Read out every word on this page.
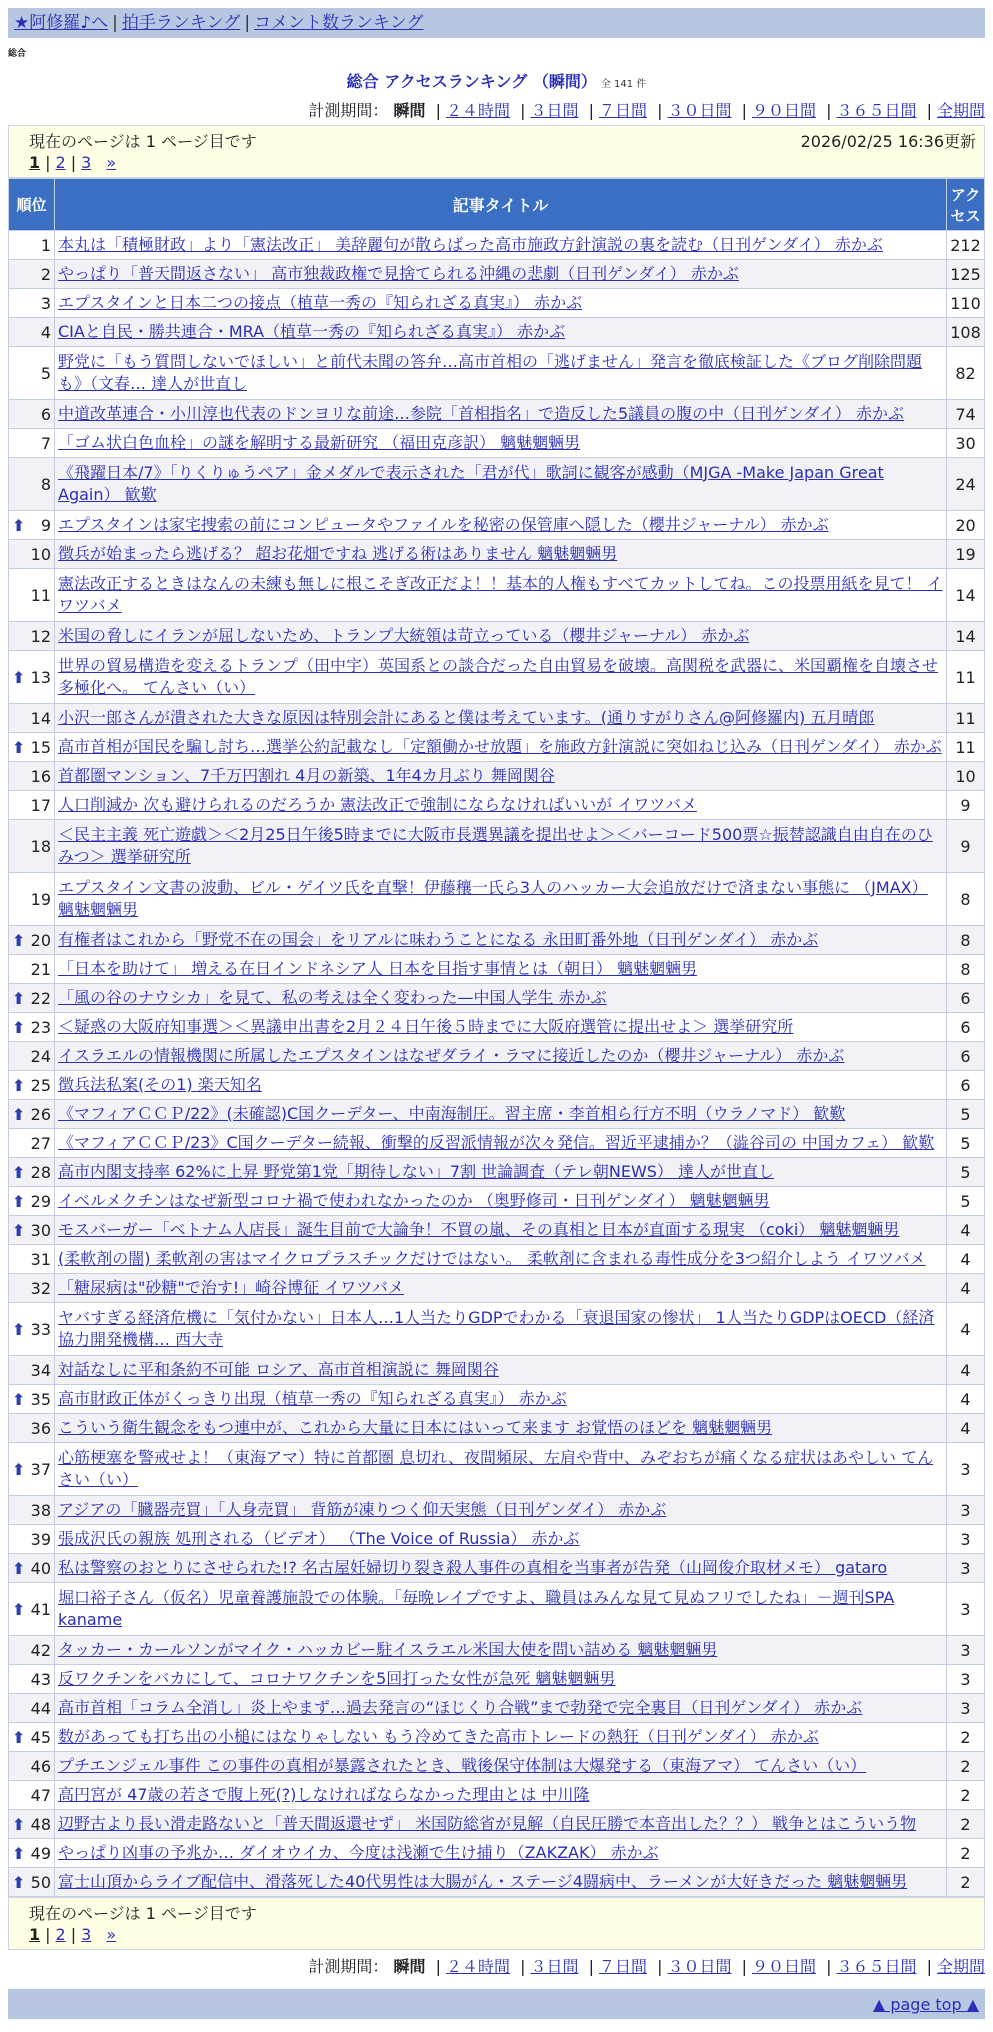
★阿修羅♪へ | 拍手ランキング | コメント数ランキング
総合
総合 アクセスランキング （瞬間） 全 141 件
計測期間： 瞬間 | ２４時間 | ３日間 | ７日間 | ３０日間 | ９０日間 | ３６５日間 | 全期間
現在のページは 1 ページ目です	2026/02/25 16:36更新
1 | 2 | 3 »
順位	記事タイトル	アクセス
1	本丸は「積極財政」より「憲法改正」 美辞麗句が散らばった高市施政方針演説の裏を読む（日刊ゲンダイ） 赤かぶ	212
2	やっぱり「普天間返さない」 高市独裁政権で見捨てられる沖縄の悲劇（日刊ゲンダイ） 赤かぶ	125
3	エプスタインと日本二つの接点（植草一秀の『知られざる真実』） 赤かぶ	110
4	CIAと自民・勝共連合・MRA（植草一秀の『知られざる真実』） 赤かぶ	108
5	野党に「もう質問しないでほしい」と前代未聞の答弁…高市首相の「逃げません」発言を徹底検証した《ブログ削除問題も》（文春… 達人が世直し	82
6	中道改革連合・小川淳也代表のドンヨリな前途…参院「首相指名」で造反した5議員の腹の中（日刊ゲンダイ） 赤かぶ	74
7	「ゴム状白色血栓」の謎を解明する最新研究 （福田克彦訳） 魑魅魍魎男	30
8	《飛躍日本/7》「りくりゅうペア」金メダルで表示された「君が代」歌詞に観客が感動（MJGA -Make Japan Great Again） 歓歎	24

⬆ 9	エプスタインは家宅捜索の前にコンピュータやファイルを秘密の保管庫へ隠した（櫻井ジャーナル） 赤かぶ	20
10	徴兵が始まったら逃げる？ 超お花畑ですね 逃げる術はありません 魑魅魍魎男	19
11	憲法改正するときはなんの未練も無しに根こそぎ改正だよ！！基本的人権もすべてカットしてね。この投票用紙を見て！ イワツバメ	14
12	米国の脅しにイランが屈しないため、トランプ大統領は苛立っている（櫻井ジャーナル） 赤かぶ	14

⬆ 13	世界の貿易構造を変えるトランプ（田中宇）英国系との談合だった自由貿易を破壊。高関税を武器に、米国覇権を自壊させ多極化へ。 てんさい（い）	11
14	小沢一郎さんが潰された大きな原因は特別会計にあると僕は考えています。(通りすがりさん@阿修羅内) 五月晴郎	11

⬆ 15	高市首相が国民を騙し討ち…選挙公約記載なし「定額働かせ放題」を施政方針演説に突如ねじ込み（日刊ゲンダイ） 赤かぶ	11
16	首都圏マンション、7千万円割れ 4月の新築、1年4カ月ぶり 舞岡関谷	10
17	人口削減か 次も避けられるのだろうか 憲法改正で強制にならなければいいが イワツバメ	9
18	＜民主主義 死亡遊戯＞＜2月25日午後5時までに大阪市長選異議を提出せよ＞＜バーコード500票☆振替認識自由自在のひみつ＞ 選挙研究所	9
19	エプスタイン文書の波動、ビル・ゲイツ氏を直撃！伊藤穰一氏ら3人のハッカー大会追放だけで済まない事態に （JMAX） 魑魅魍魎男	8

⬆ 20	有権者はこれから「野党不在の国会」をリアルに味わうことになる 永田町番外地（日刊ゲンダイ） 赤かぶ	8
21	「日本を助けて」 増える在日インドネシア人 日本を目指す事情とは（朝日） 魑魅魍魎男	8

⬆ 22	「風の谷のナウシカ」を見て、私の考えは全く変わった—中国人学生 赤かぶ	6

⬆ 23	＜疑惑の大阪府知事選＞＜異議申出書を2月２４日午後５時までに大阪府選管に提出せよ＞ 選挙研究所	6
24	イスラエルの情報機関に所属したエプスタインはなぜダライ・ラマに接近したのか（櫻井ジャーナル） 赤かぶ	6

⬆ 25	徴兵法私案(その1) 楽天知名	6

⬆ 26	《マフィアＣＣＰ/22》(未確認)C国クーデター、中南海制圧。習主席・李首相ら行方不明（ウラノマド） 歓歎	5
27	《マフィアＣＣＰ/23》C国クーデター続報、衝撃的反習派情報が次々発信。習近平逮捕か？（澁谷司の 中国カフェ） 歓歎	5

⬆ 28	高市内閣支持率 62%に上昇 野党第1党「期待しない」7割 世論調査（テレ朝NEWS） 達人が世直し	5

⬆ 29	イベルメクチンはなぜ新型コロナ禍で使われなかったのか （奥野修司・日刊ゲンダイ） 魑魅魍魎男	5

⬆ 30	モスバーガー「ベトナム人店長」誕生目前で大論争！不買の嵐、その真相と日本が直面する現実 （coki） 魑魅魍魎男	4
31	(柔軟剤の闇) 柔軟剤の害はマイクロプラスチックだけではない。 柔軟剤に含まれる毒性成分を3つ紹介しよう イワツバメ	4
32	「糖尿病は"砂糖"で治す!」崎谷博征 イワツバメ	4

⬆ 33	ヤバすぎる経済危機に「気付かない」日本人…1人当たりGDPでわかる「衰退国家の惨状」 1人当たりGDPはOECD（経済協力開発機構… 西大寺	4
34	対話なしに平和条約不可能 ロシア、高市首相演説に 舞岡関谷	4

⬆ 35	高市財政正体がくっきり出現（植草一秀の『知られざる真実』） 赤かぶ	4
36	こういう衛生観念をもつ連中が、これから大量に日本にはいって来ます お覚悟のほどを 魑魅魍魎男	4

⬆ 37	心筋梗塞を警戒せよ！（東海アマ）特に首都圏 息切れ、夜間頻尿、左肩や背中、みぞおちが痛くなる症状はあやしい てんさい（い）	3
38	アジアの「臓器売買」「人身売買」 背筋が凍りつく仰天実態（日刊ゲンダイ） 赤かぶ	3
39	張成沢氏の親族 処刑される（ビデオ） （The Voice of Russia） 赤かぶ	3

⬆ 40	私は警察のおとりにさせられた!? 名古屋妊婦切り裂き殺人事件の真相を当事者が告発（山岡俊介取材メモ） gataro	3

⬆ 41	堀口裕子さん（仮名）児童養護施設での体験。「毎晩レイプですよ、職員はみんな見て見ぬフリでしたね」－週刊SPA kaname	3
42	タッカー・カールソンがマイク・ハッカビー駐イスラエル米国大使を問い詰める 魑魅魍魎男	3
43	反ワクチンをバカにして、コロナワクチンを5回打った女性が急死 魑魅魍魎男	3
44	高市首相「コラム全消し」炎上やまず…過去発言の“ほじくり合戦”まで勃発で完全裏目（日刊ゲンダイ） 赤かぶ	3

⬆ 45	数があっても打ち出の小槌にはなりゃしない もう冷めてきた高市トレードの熱狂（日刊ゲンダイ） 赤かぶ	2
46	プチエンジェル事件 この事件の真相が暴露されたとき、戦後保守体制は大爆発する（東海アマ） てんさい（い）	2
47	高円宮が 47歳の若さで腹上死(?)しなければならなかった理由とは 中川隆	2

⬆ 48	辺野古より長い滑走路ないと「普天間返還せず」 米国防総省が見解（自民圧勝で本音出した？？） 戦争とはこういう物	2

⬆ 49	やっぱり凶事の予兆か… ダイオウイカ、今度は浅瀬で生け捕り（ZAKZAK） 赤かぶ	2

⬆ 50	富士山頂からライブ配信中、滑落死した40代男性は大腸がん・ステージ4闘病中、ラーメンが大好きだった 魑魅魍魎男	2
現在のページは 1 ページ目です
1 | 2 | 3 »
計測期間： 瞬間 | ２４時間 | ３日間 | ７日間 | ３０日間 | ９０日間 | ３６５日間 | 全期間
▲ page top ▲
